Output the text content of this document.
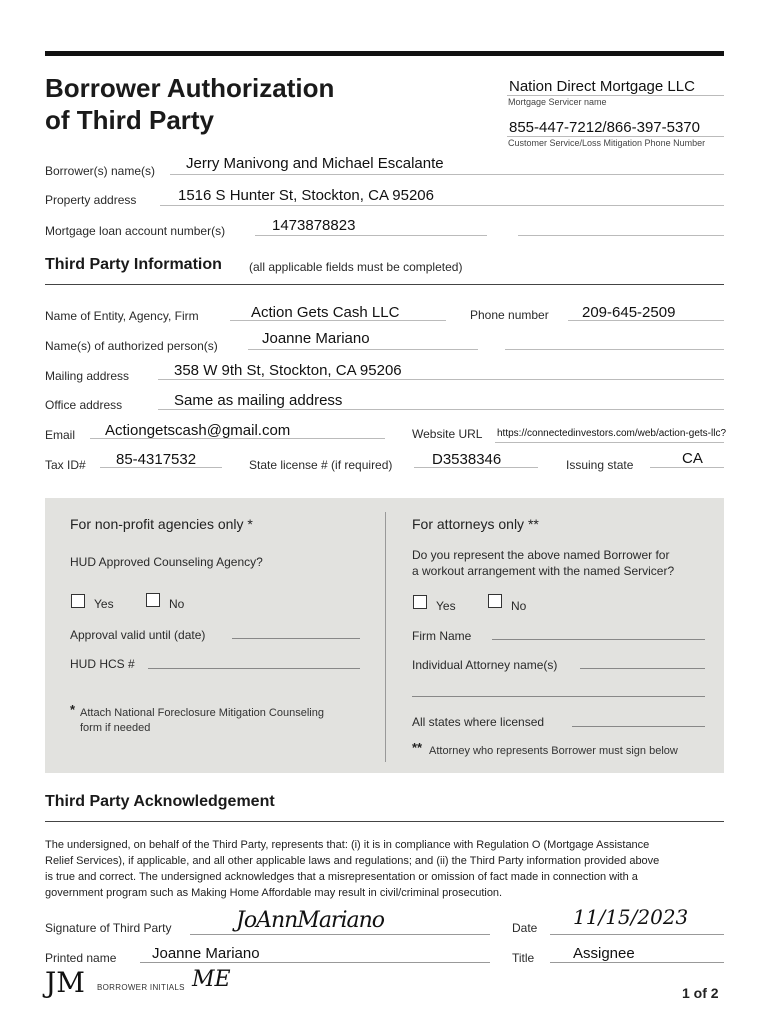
Borrower Authorization
of Third Party
Nation Direct Mortgage LLC
Mortgage Servicer name
855-447-7212/866-397-5370
Customer Service/Loss Mitigation Phone Number
Borrower(s) name(s) Jerry Manivong and Michael Escalante
Property address	1516 S Hunter St, Stockton, CA 95206
Mortgage loan account number(s)	1473878823
Third Party Information (all applicable fields must be completed)
Name of Entity, Agency, Firm	Action Gets Cash LLC	Phone number 209-645-2509
Name(s) of authorized person(s)	Joanne Mariano
Mailing address	358 W 9th St, Stockton, CA 95206
Office address	Same as mailing address
Email Actiongetscash@gmail.com	Website URL https://connectedinvestors.com/web/action-gets-llc?
Tax ID# 85-4317532	State license # (if required)	D3538346	Issuing state	CA
For non-profit agencies only *
HUD Approved Counseling Agency?
Yes	No
Approval valid until (date)
HUD HCS #
* Attach National Foreclosure Mitigation Counseling
form if needed
For attorneys only **
Do you represent the above named Borrower for
a workout arrangement with the named Servicer?
Yes	No
Firm Name
Individual Attorney name(s)
All states where licensed
** Attorney who represents Borrower must sign below
Third Party Acknowledgement
The undersigned, on behalf of the Third Party, represents that: (i) it is in compliance with Regulation O (Mortgage Assistance
Relief Services), if applicable, and all other applicable laws and regulations; and (ii) the Third Party information provided above
is true and correct. The undersigned acknowledges that a misrepresentation or omission of fact made in connection with a
government program such as Making Home Affordable may result in civil/criminal prosecution.
Signature of Third Party	JoAnnMariano	Date 11/15/2023
Printed name Joanne Mariano	Title	Assignee
JM BORROWER INITIALS ME
1 of 2
